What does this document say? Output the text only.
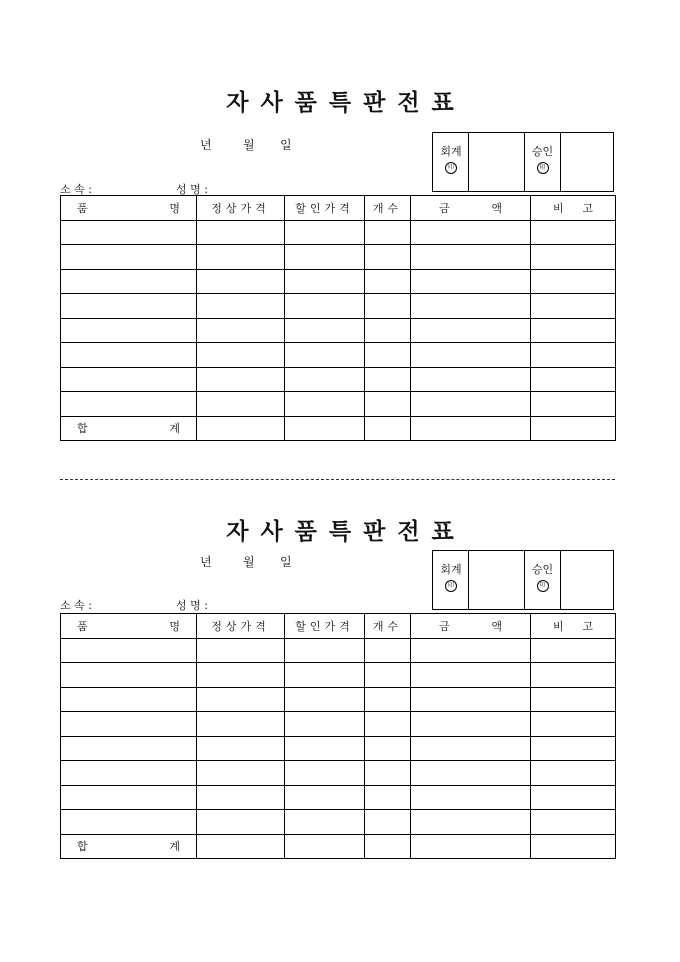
자사품특판전표
년	월 일
소 속 :	성 명 :
회계
印
승인
印
품 명	정상가격	할인가격	개수	금 액	비 고

합 계					

자사품특판전표
년	월 일
소 속 :	성 명 :
회계
印
승인
印
품 명	정상가격	할인가격	개수	금 액	비 고

합 계					
